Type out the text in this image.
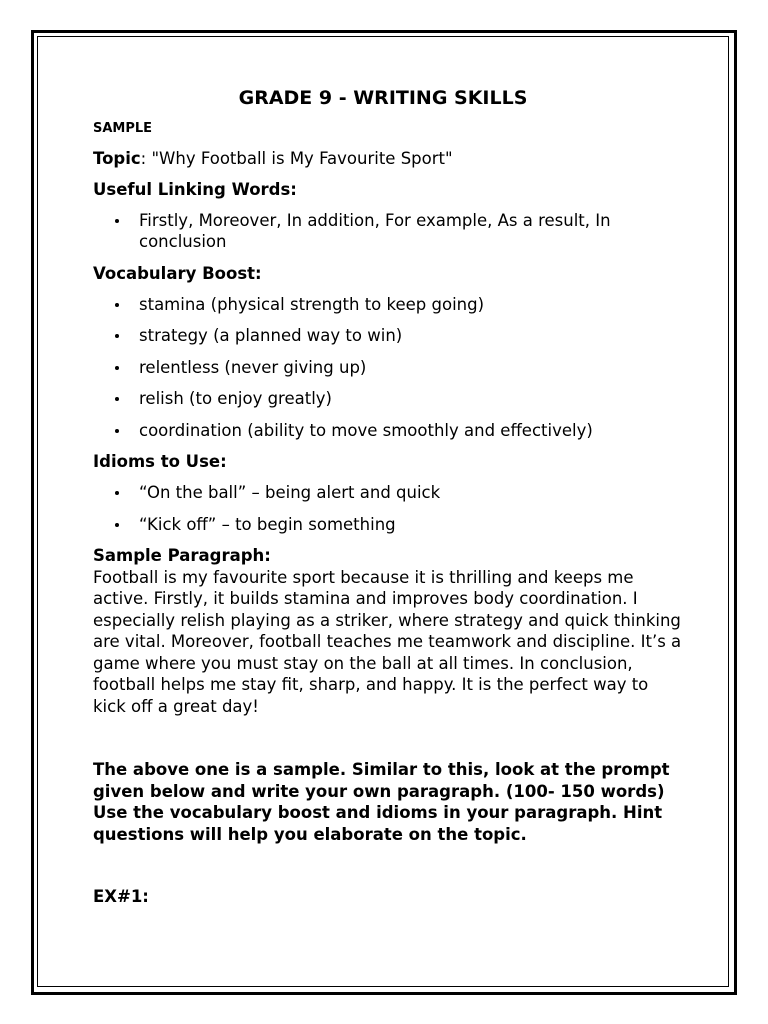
GRADE 9 - WRITING SKILLS

SAMPLE

Topic: "Why Football is My Favourite Sport"

Useful Linking Words:

Firstly, Moreover, In addition, For example, As a result, In conclusion

Vocabulary Boost:

stamina (physical strength to keep going)
strategy (a planned way to win)
relentless (never giving up)
relish (to enjoy greatly)
coordination (ability to move smoothly and effectively)

Idioms to Use:

“On the ball” – being alert and quick
“Kick off” – to begin something

Sample Paragraph:

Football is my favourite sport because it is thrilling and keeps me active. Firstly, it builds stamina and improves body coordination. I especially relish playing as a striker, where strategy and quick thinking are vital. Moreover, football teaches me teamwork and discipline. It’s a game where you must stay on the ball at all times. In conclusion, football helps me stay fit, sharp, and happy. It is the perfect way to kick off a great day!

The above one is a sample. Similar to this, look at the prompt given below and write your own paragraph. (100- 150 words) Use the vocabulary boost and idioms in your paragraph. Hint questions will help you elaborate on the topic.

EX#1:
